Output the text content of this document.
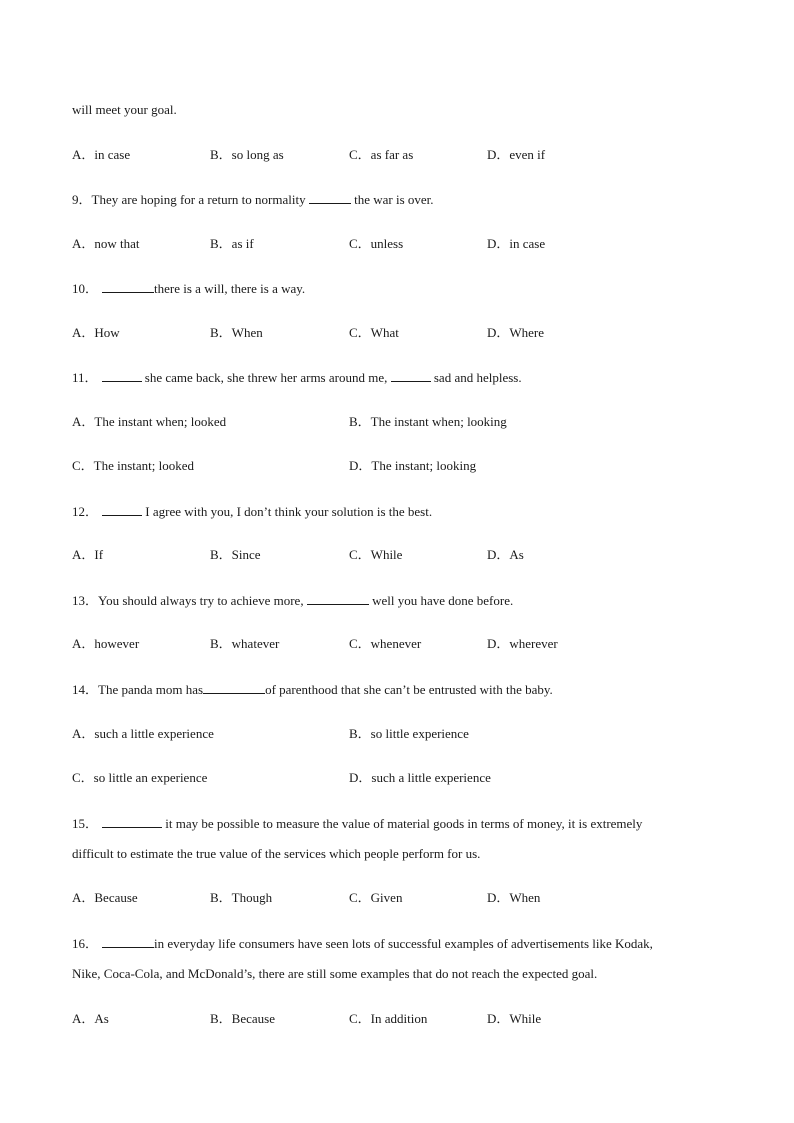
will meet your goal.
A．in case	B．so long as	C．as far as	D．even if
9．They are hoping for a return to normality	the war is over.
A．now that	B．as if	C．unless	D．in case
10．	there is a will, there is a way.
A．How	B．When	C．What	D．Where
11．	she came back, she threw her arms around me,	sad and helpless.
A．The instant when; looked	B．The instant when; looking
C．The instant; looked	D．The instant; looking
12．	I agree with you, I don’t think your solution is the best.
A．If	B．Since	C．While	D．As
13．You should always try to achieve more,	well you have done before.
A．however	B．whatever	C．whenever	D．wherever
14．The panda mom has	of parenthood that she can’t be entrusted with the baby.
A．such a little experience	B．so little experience
C．so little an experience	D．such a little experience
15．	it may be possible to measure the value of material goods in terms of money, it is extremely
difficult to estimate the true value of the services which people perform for us.
A．Because	B．Though	C．Given	D．When
16．	in everyday life consumers have seen lots of successful examples of advertisements like Kodak,
Nike, Coca-Cola, and McDonald’s, there are still some examples that do not reach the expected goal.
A．As	B．Because	C．In addition	D．While
